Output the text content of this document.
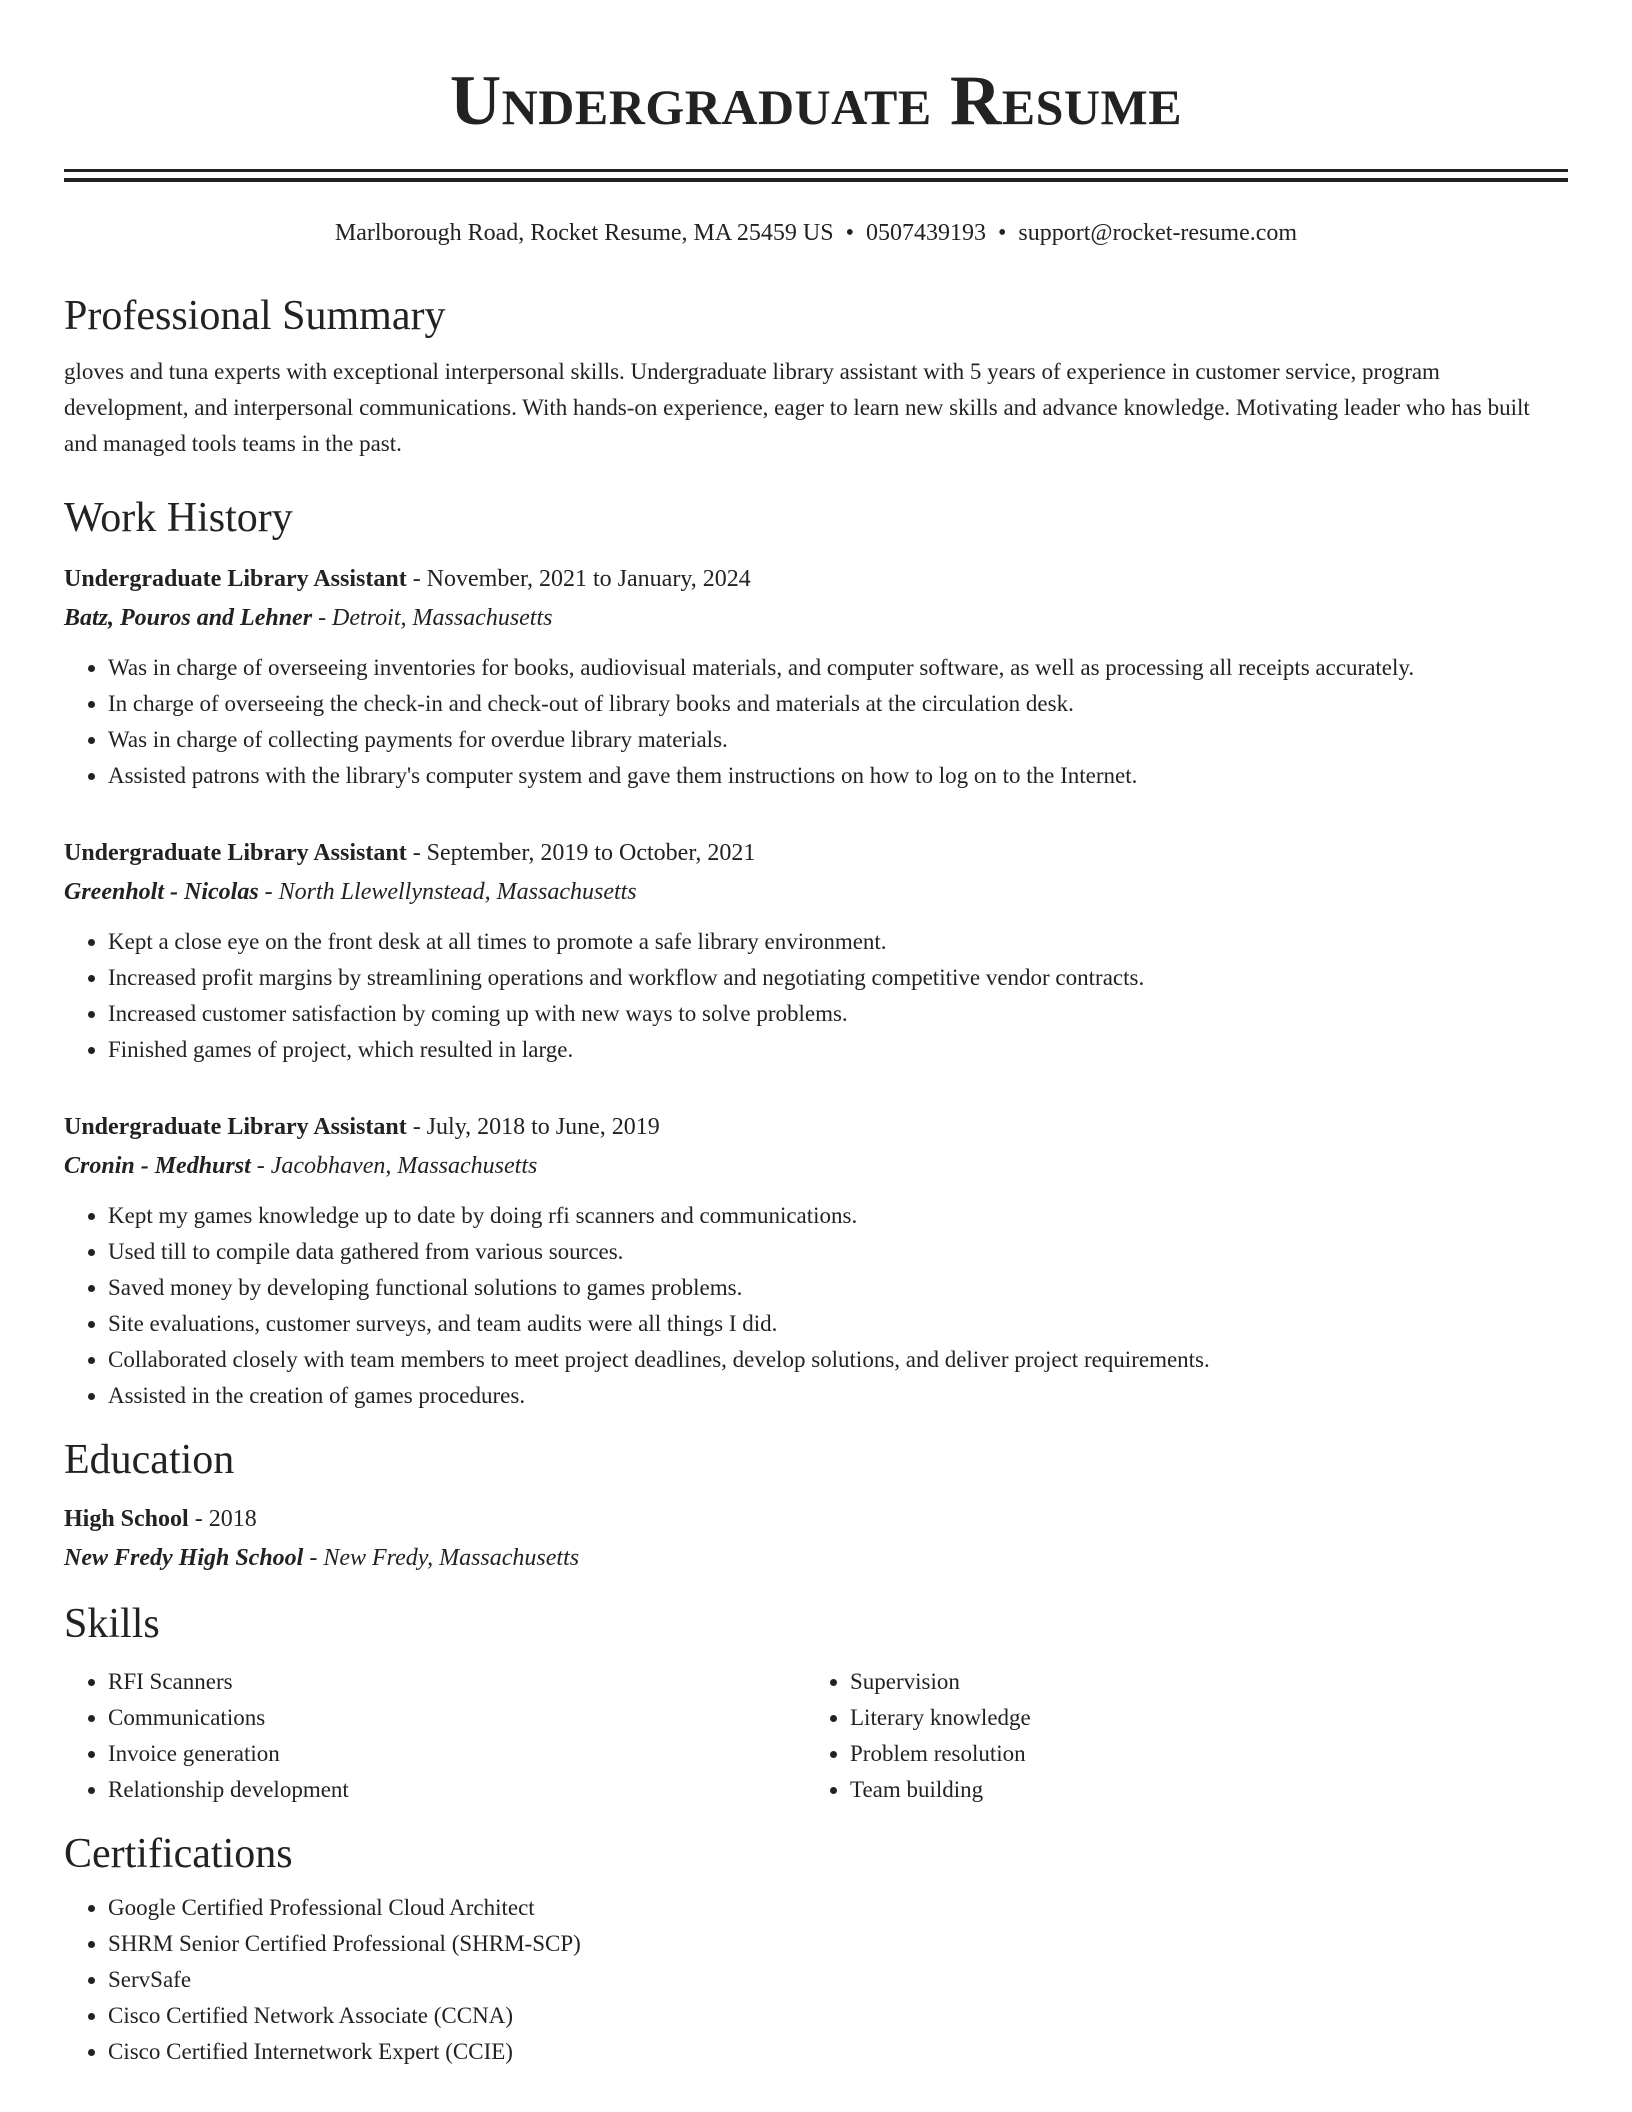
Undergraduate Resume
Marlborough Road, Rocket Resume, MA 25459 US • 0507439193 • support@rocket-resume.com
Professional Summary

gloves and tuna experts with exceptional interpersonal skills. Undergraduate library assistant with 5 years of experience in customer service, program development, and interpersonal communications. With hands-on experience, eager to learn new skills and advance knowledge. Motivating leader who has built and managed tools teams in the past.

Work History
Undergraduate Library Assistant - November, 2021 to January, 2024
Batz, Pouros and Lehner - Detroit, Massachusetts
• Was in charge of overseeing inventories for books, audiovisual materials, and computer software, as well as processing all receipts accurately.
• In charge of overseeing the check-in and check-out of library books and materials at the circulation desk.
• Was in charge of collecting payments for overdue library materials.
• Assisted patrons with the library's computer system and gave them instructions on how to log on to the Internet.
Undergraduate Library Assistant - September, 2019 to October, 2021
Greenholt - Nicolas - North Llewellynstead, Massachusetts
• Kept a close eye on the front desk at all times to promote a safe library environment.
• Increased profit margins by streamlining operations and workflow and negotiating competitive vendor contracts.
• Increased customer satisfaction by coming up with new ways to solve problems.
• Finished games of project, which resulted in large.
Undergraduate Library Assistant - July, 2018 to June, 2019
Cronin - Medhurst - Jacobhaven, Massachusetts
• Kept my games knowledge up to date by doing rfi scanners and communications.
• Used till to compile data gathered from various sources.
• Saved money by developing functional solutions to games problems.
• Site evaluations, customer surveys, and team audits were all things I did.
• Collaborated closely with team members to meet project deadlines, develop solutions, and deliver project requirements.
• Assisted in the creation of games procedures.
Education
High School - 2018
New Fredy High School - New Fredy, Massachusetts
Skills
• RFI Scanners
• Communications
• Invoice generation
• Relationship development
• Supervision
• Literary knowledge
• Problem resolution
• Team building
Certifications
• Google Certified Professional Cloud Architect
• SHRM Senior Certified Professional (SHRM-SCP)
• ServSafe
• Cisco Certified Network Associate (CCNA)
• Cisco Certified Internetwork Expert (CCIE)
